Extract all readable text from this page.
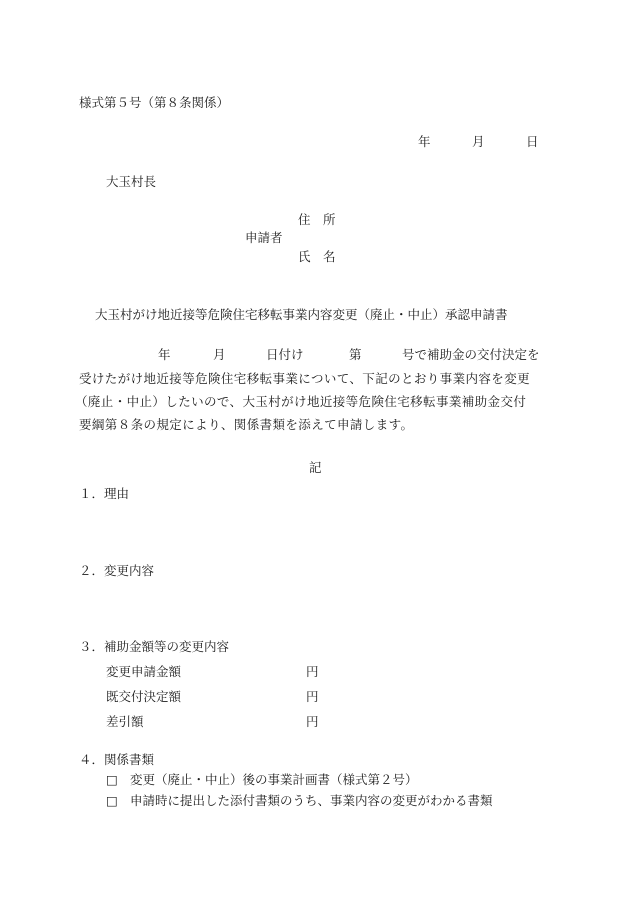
様式第５号（第８条関係）
年	月	日
大玉村長
住　所
申請者
氏　名
大玉村がけ地近接等危険住宅移転事業内容変更（廃止・中止）承認申請書
年	月	日付け	第	号で補助金の交付決定を
受けたがけ地近接等危険住宅移転事業について、下記のとおり事業内容を変更
（廃止・中止）したいので、大玉村がけ地近接等危険住宅移転事業補助金交付
要綱第８条の規定により、関係書類を添えて申請します。
記
１．理由
２．変更内容
３．補助金額等の変更内容
変更申請金額	円
既交付決定額	円
差引額	円
４．関係書類
□ 変更（廃止・中止）後の事業計画書（様式第２号）
□ 申請時に提出した添付書類のうち、事業内容の変更がわかる書類
